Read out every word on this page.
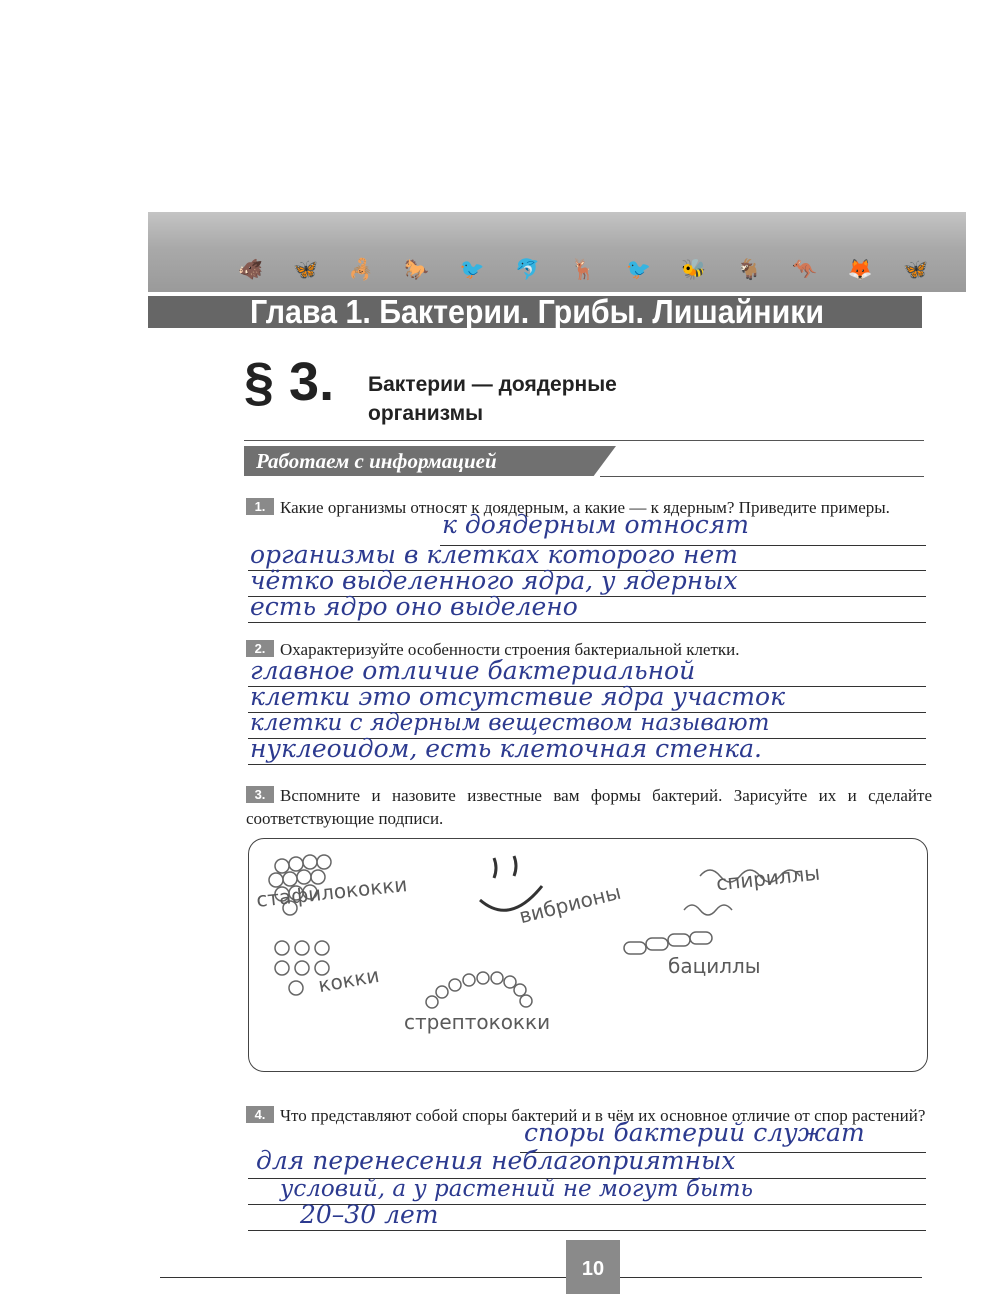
🐗 🦋 🦂 🐎 🐦 🐬 🦌 🐦 🐝 🐐 🦘 🦊 🦋
Глава 1. Бактерии. Грибы. Лишайники
§ 3. Бактерии — доядерные организмы
Работаем с информацией
1. Какие организмы относят к доядерным, а какие — к ядерным? Приведите примеры.
к доядерным относят
организмы в клетках которого нет
чётко выделенного ядра, у ядерных
есть ядро оно выделено
2. Охарактеризуйте особенности строения бактериальной клетки.
главное отличие бактериальной
клетки это отсутствие ядра участок
клетки с ядерным веществом называют
нуклеоидом, есть клеточная стенка.
3. Вспомните и назовите известные вам формы бактерий. Зарисуйте их и сделайте соответствующие подписи.
стафилококки	вибрионы
спириллы
кокки	бациллы
стрептококки
4. Что представляют собой споры бактерий и в чём их основное отличие от спор растений?
споры бактерий служат
для перенесения неблагоприятных
условий, а у растений не могут быть
20–30 лет
10
